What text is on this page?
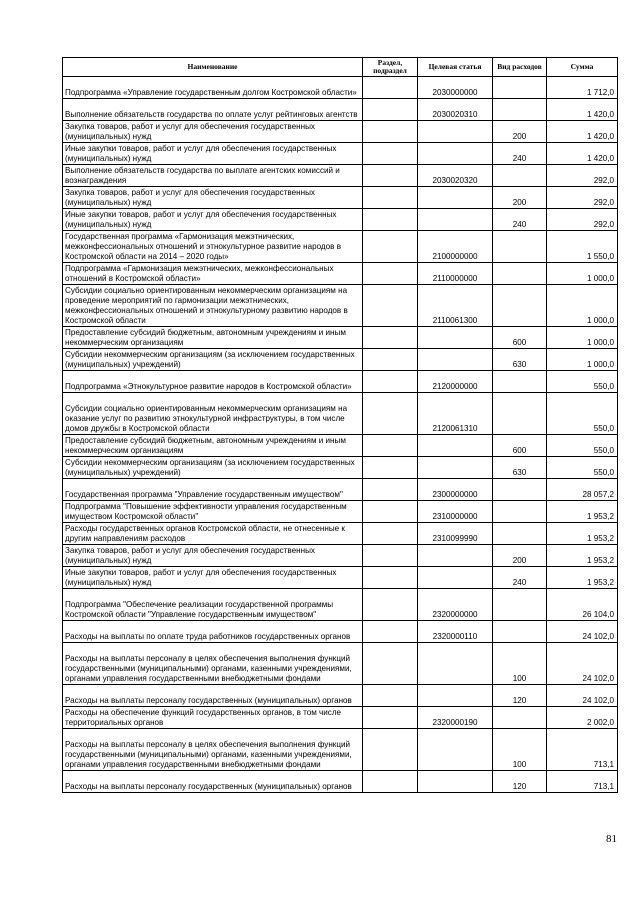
Наименование	Раздел, подраздел	Целевая статья	Вид расходов	Сумма
Подпрограмма «Управление государственным долгом Костромской области»		2030000000		1 712,0
Выполнение обязательств государства по оплате услуг рейтинговых агентств		2030020310		1 420,0
Закупка товаров, работ и услуг для обеспечения государственных (муниципальных) нужд			200	1 420,0
Иные закупки товаров, работ и услуг для обеспечения государственных (муниципальных) нужд			240	1 420,0
Выполнение обязательств государства по выплате агентских комиссий и вознаграждения		2030020320		292,0
Закупка товаров, работ и услуг для обеспечения государственных (муниципальных) нужд			200	292,0
Иные закупки товаров, работ и услуг для обеспечения государственных (муниципальных) нужд			240	292,0
Государственная программа «Гармонизация межэтнических, межконфессиональных отношений и этнокультурное развитие народов в Костромской области на 2014 – 2020 годы»		2100000000		1 550,0
Подпрограмма «Гармонизация межэтнических, межконфессиональных отношений в Костромской области»		2110000000		1 000,0
Субсидии социально ориентированным некоммерческим организациям на проведение мероприятий по гармонизации межэтнических, межконфессиональных отношений и этнокультурному развитию народов в Костромской области		2110061300		1 000,0
Предоставление субсидий бюджетным, автономным учреждениям и иным некоммерческим организациям			600	1 000,0
Субсидии некоммерческим организациям (за исключением государственных (муниципальных) учреждений)			630	1 000,0
Подпрограмма «Этнокультурное развитие народов в Костромской области»		2120000000		550,0
Субсидии социально ориентированным некоммерческим организациям на оказание услуг по развитию этнокультурной инфраструктуры, в том числе домов дружбы в Костромской области		2120061310		550,0
Предоставление субсидий бюджетным, автономным учреждениям и иным некоммерческим организациям			600	550,0
Субсидии некоммерческим организациям (за исключением государственных (муниципальных) учреждений)			630	550,0
Государственная программа "Управление государственным имуществом"		2300000000		28 057,2
Подпрограмма "Повышение эффективности управления государственным имуществом Костромской области"		2310000000		1 953,2
Расходы государственных органов Костромской области, не отнесенные к другим направлениям расходов		2310099990		1 953,2
Закупка товаров, работ и услуг для обеспечения государственных (муниципальных) нужд			200	1 953,2
Иные закупки товаров, работ и услуг для обеспечения государственных (муниципальных) нужд			240	1 953,2
Подпрограмма "Обеспечение реализации государственной программы Костромской области "Управление государственным имуществом"		2320000000		26 104,0
Расходы на выплаты по оплате труда работников государственных органов		2320000110		24 102,0
Расходы на выплаты персоналу в целях обеспечения выполнения функций государственными (муниципальными) органами, казенными учреждениями, органами управления государственными внебюджетными фондами			100	24 102,0
Расходы на выплаты персоналу государственных (муниципальных) органов			120	24 102,0
Расходы на обеспечение функций государственных органов, в том числе территориальных органов		2320000190		2 002,0
Расходы на выплаты персоналу в целях обеспечения выполнения функций государственными (муниципальными) органами, казенными учреждениями, органами управления государственными внебюджетными фондами			100	713,1
Расходы на выплаты персоналу государственных (муниципальных) органов			120	713,1
81
